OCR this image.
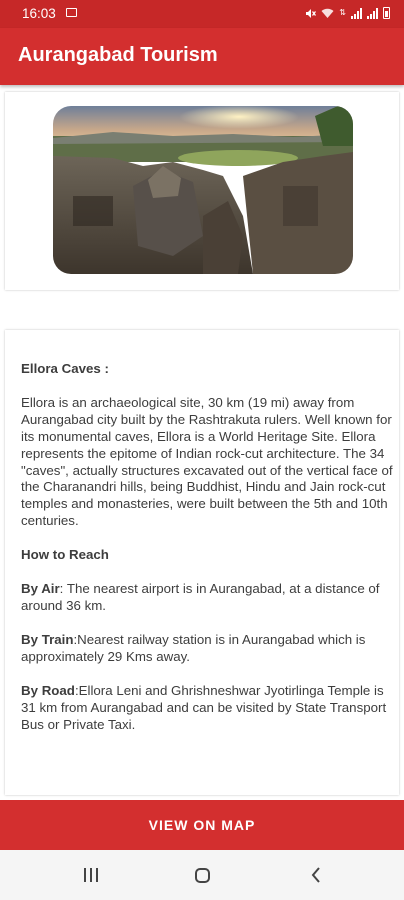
16:03	⇅
Aurangabad Tourism

Ellora Caves :

Ellora is an archaeological site, 30 km (19 mi) away from Aurangabad city built by the Rashtrakuta rulers. Well known for its monumental caves, Ellora is a World Heritage Site. Ellora represents the epitome of Indian rock-cut architecture. The 34 "caves", actually structures excavated out of the vertical face of the Charanandri hills, being Buddhist, Hindu and Jain rock-cut temples and monasteries, were built between the 5th and 10th centuries.

How to Reach

By Air: The nearest airport is in Aurangabad, at a distance of around 36 km.

By Train:Nearest railway station is in Aurangabad which is approximately 29 Kms away.

By Road:Ellora Leni and Ghrishneshwar Jyotirlinga Temple is 31 km from Aurangabad and can be visited by State Transport Bus or Private Taxi.

VIEW ON MAP
